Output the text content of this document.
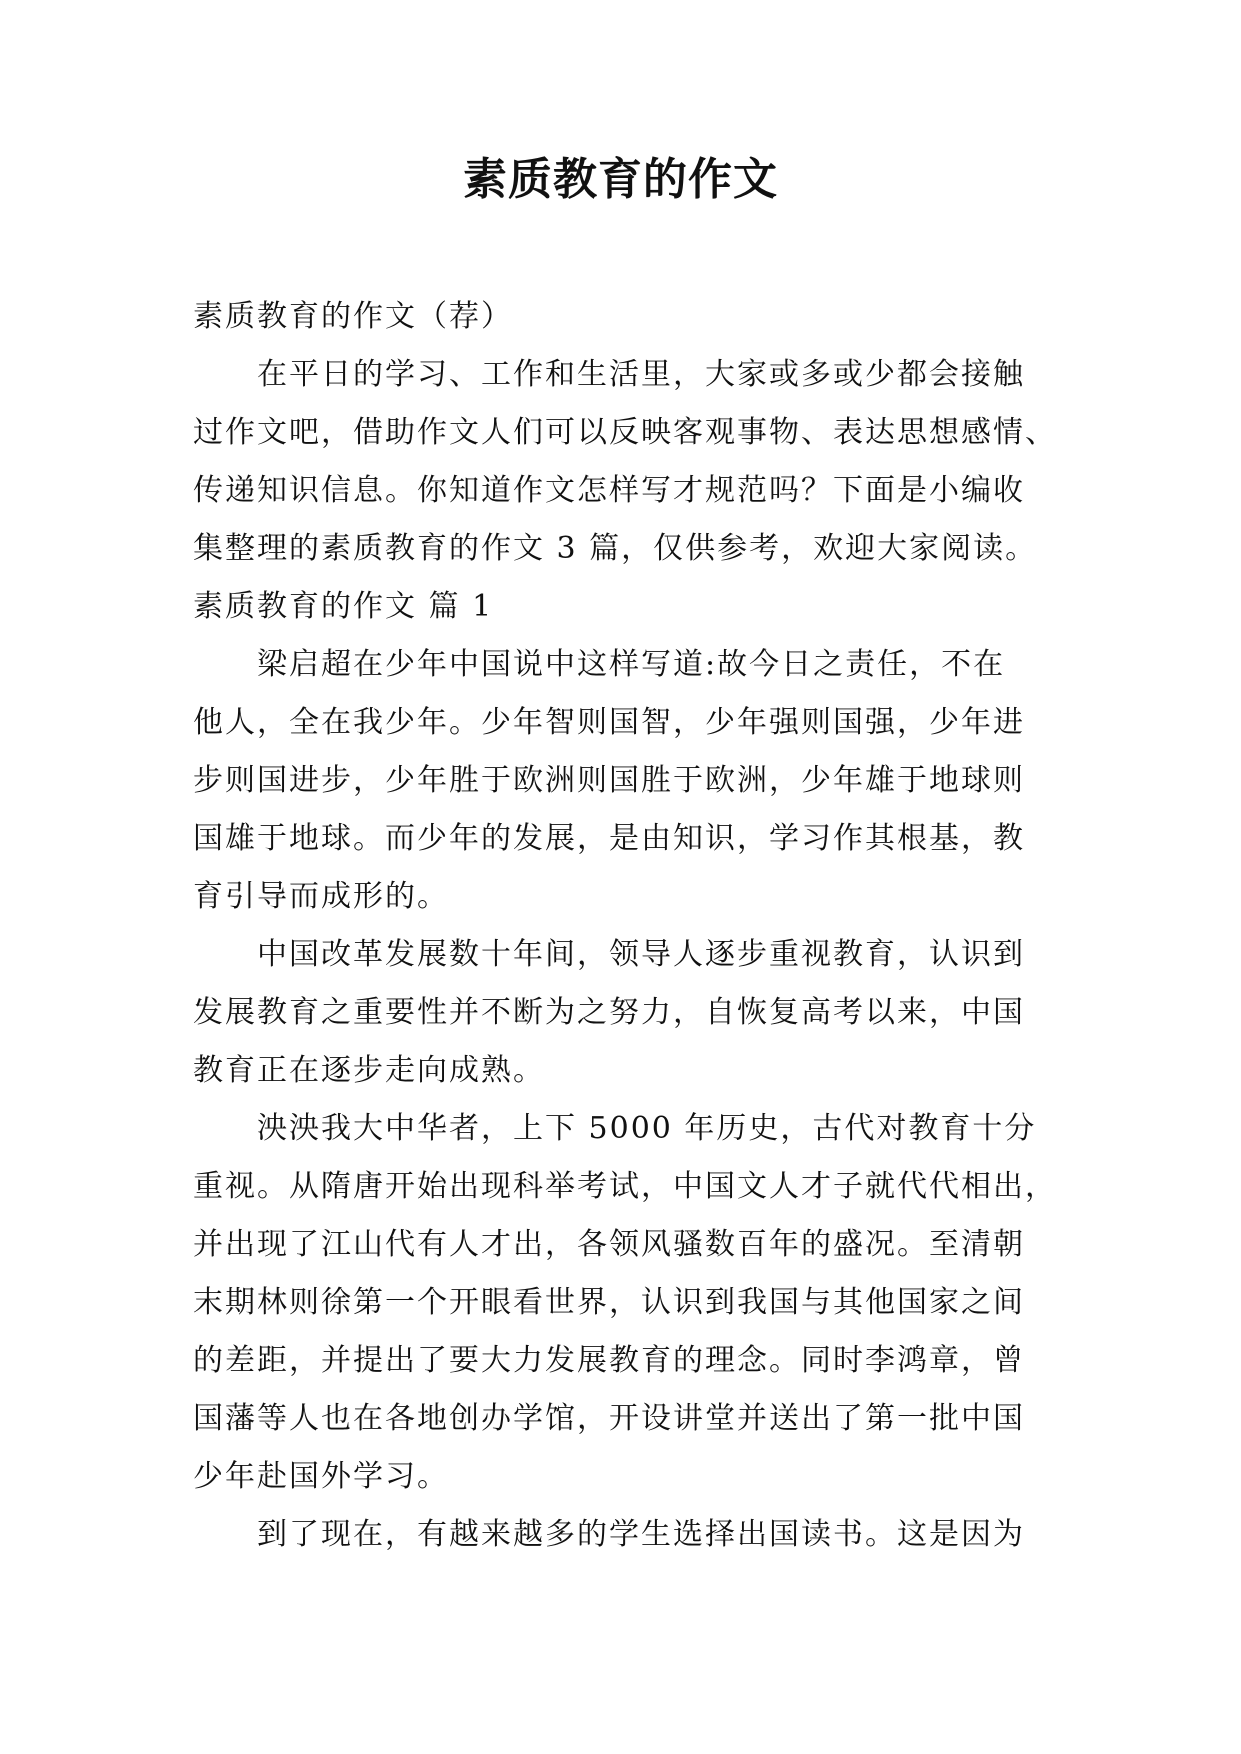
素质教育的作文
素质教育的作文（荐）
在平日的学习、工作和生活里，大家或多或少都会接触
过作文吧，借助作文人们可以反映客观事物、表达思想感情、
传递知识信息。你知道作文怎样写才规范吗？下面是小编收
集整理的素质教育的作文 3 篇，仅供参考，欢迎大家阅读。
素质教育的作文 篇 1
梁启超在少年中国说中这样写道:故今日之责任，不在
他人，全在我少年。少年智则国智，少年强则国强，少年进
步则国进步，少年胜于欧洲则国胜于欧洲，少年雄于地球则
国雄于地球。而少年的发展，是由知识，学习作其根基，教
育引导而成形的。
中国改革发展数十年间，领导人逐步重视教育，认识到
发展教育之重要性并不断为之努力，自恢复高考以来，中国
教育正在逐步走向成熟。
泱泱我大中华者，上下 5000 年历史，古代对教育十分
重视。从隋唐开始出现科举考试，中国文人才子就代代相出，
并出现了江山代有人才出，各领风骚数百年的盛况。至清朝
末期林则徐第一个开眼看世界，认识到我国与其他国家之间
的差距，并提出了要大力发展教育的理念。同时李鸿章，曾
国藩等人也在各地创办学馆，开设讲堂并送出了第一批中国
少年赴国外学习。
到了现在，有越来越多的学生选择出国读书。这是因为
